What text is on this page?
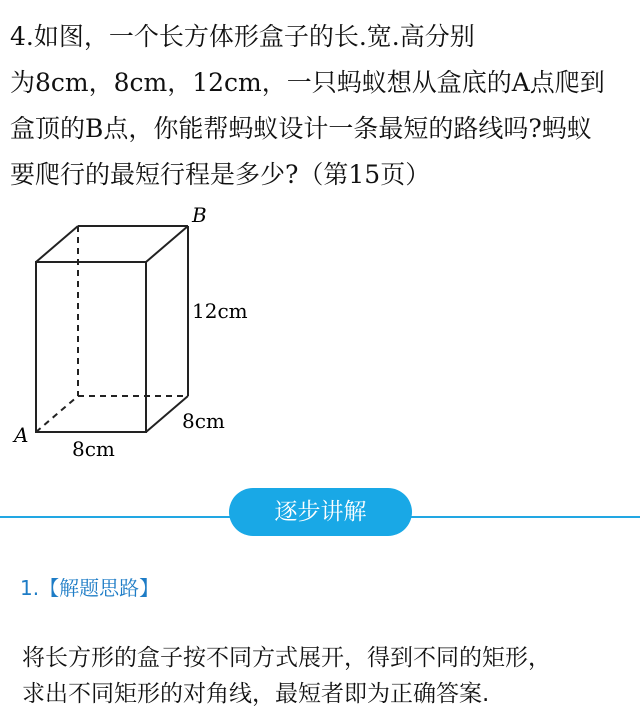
4.如图，一个长方体形盒子的长.宽.高分别
为8cm，8cm，12cm，一只蚂蚁想从盒底的A点爬到
盒顶的B点，你能帮蚂蚁设计一条最短的路线吗?蚂蚁
要爬行的最短行程是多少?（第15页）
B
12cm
8cm
A
8cm
逐步讲解
1.【解题思路】
将长方形的盒子按不同方式展开，得到不同的矩形，
求出不同矩形的对角线，最短者即为正确答案.
